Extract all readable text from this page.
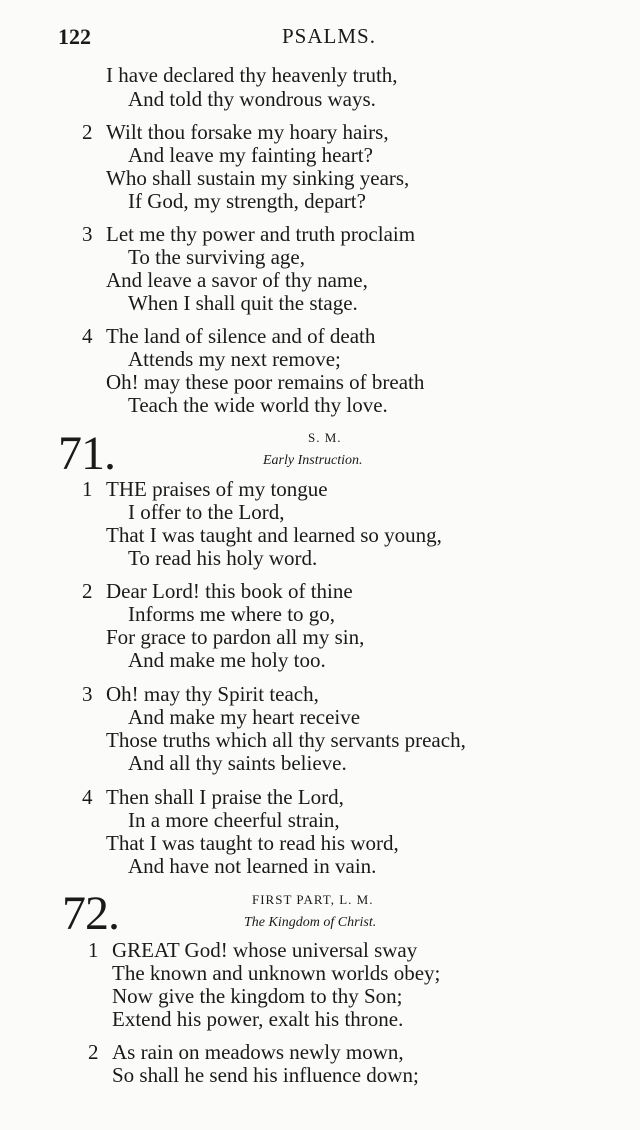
122	PSALMS.
I have declared thy heavenly truth,
And told thy wondrous ways.
2 Wilt thou forsake my hoary hairs,
And leave my fainting heart?
Who shall sustain my sinking years,
If God, my strength, depart?
3 Let me thy power and truth proclaim
To the surviving age,
And leave a savor of thy name,
When I shall quit the stage.
4 The land of silence and of death
Attends my next remove;
Oh! may these poor remains of breath
Teach the wide world thy love.
71.	S. M.
Early Instruction.
1 THE praises of my tongue
I offer to the Lord,
That I was taught and learned so young,
To read his holy word.
2 Dear Lord! this book of thine
Informs me where to go,
For grace to pardon all my sin,
And make me holy too.
3 Oh! may thy Spirit teach,
And make my heart receive
Those truths which all thy servants preach,
And all thy saints believe.
4 Then shall I praise the Lord,
In a more cheerful strain,
That I was taught to read his word,
And have not learned in vain.
72.	FIRST PART, L. M.
The Kingdom of Christ.
1 GREAT God! whose universal sway
The known and unknown worlds obey;
Now give the kingdom to thy Son;
Extend his power, exalt his throne.
2 As rain on meadows newly mown,
So shall he send his influence down;
